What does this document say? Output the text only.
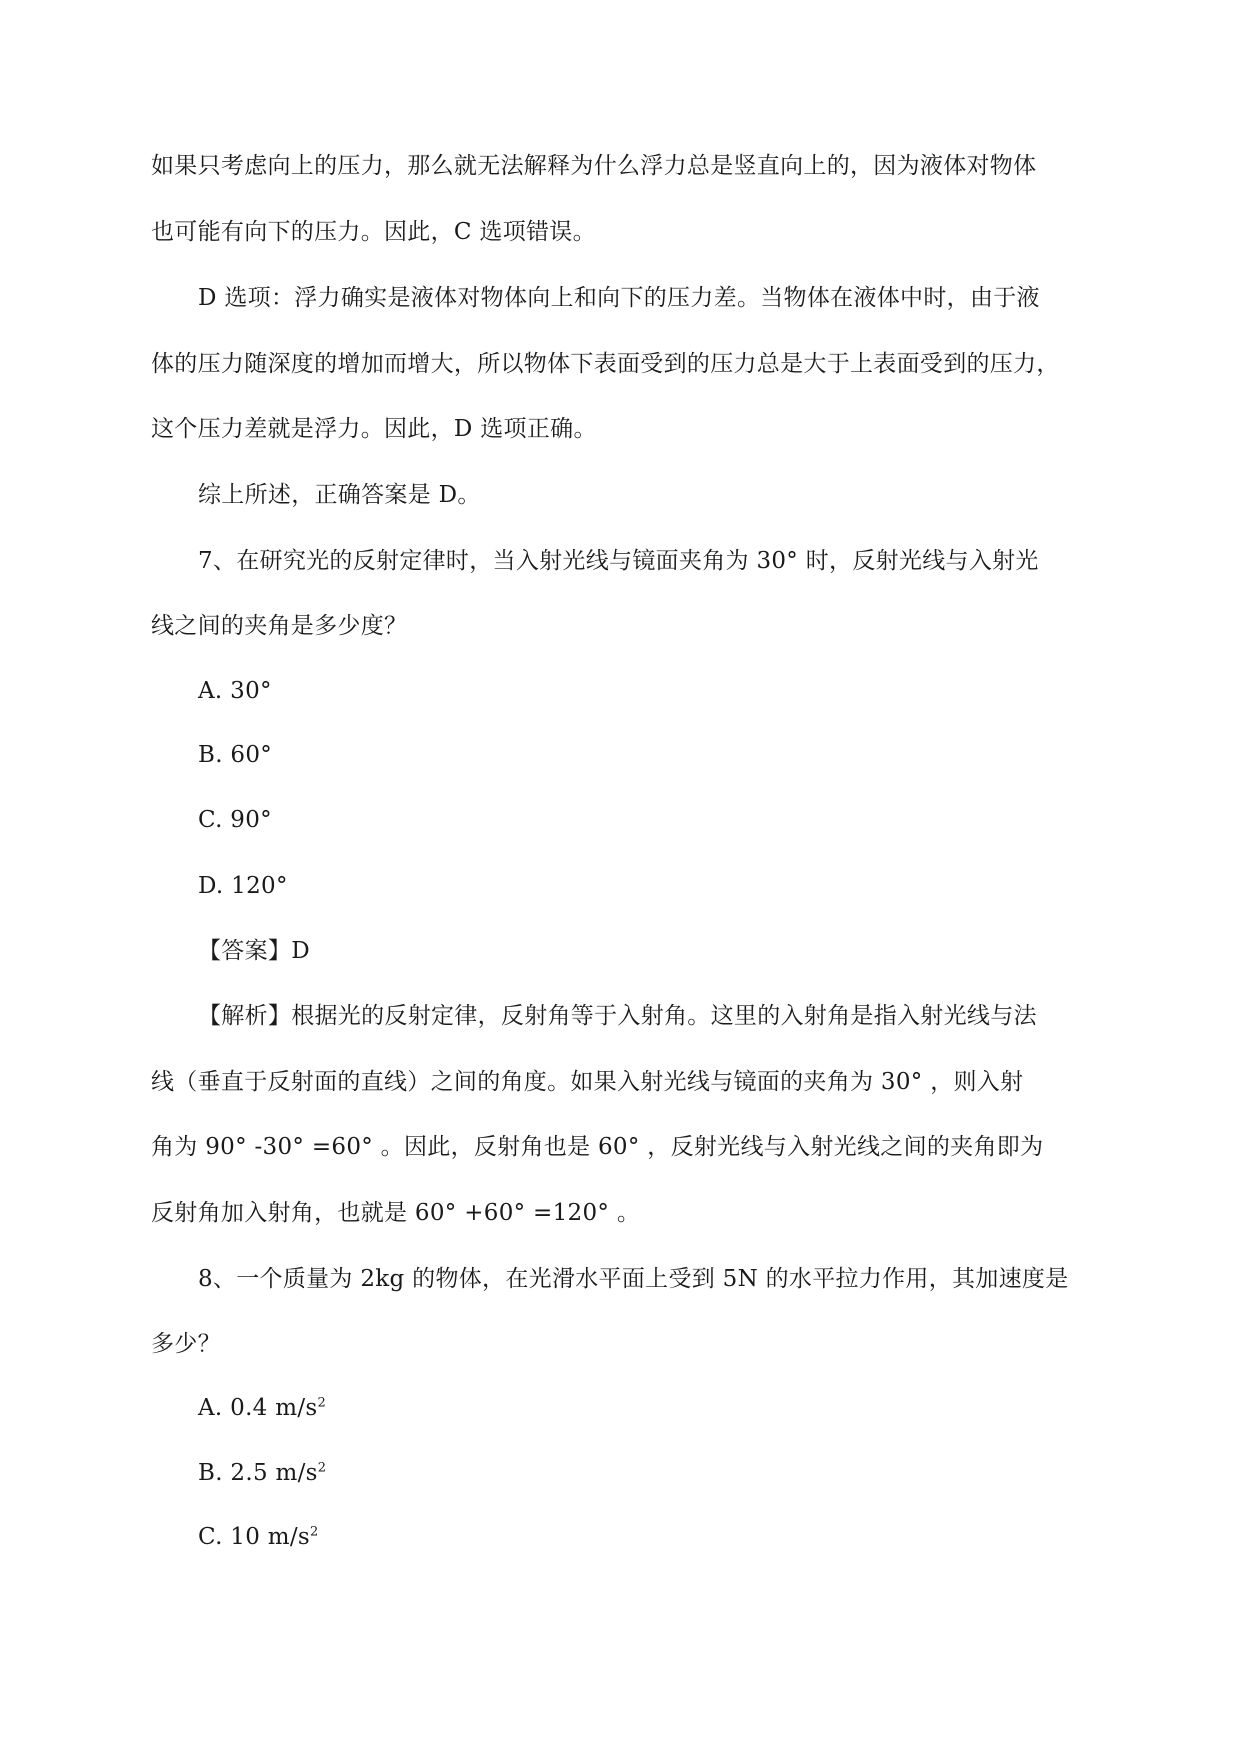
如果只考虑向上的压力，那么就无法解释为什么浮力总是竖直向上的，因为液体对物体
也可能有向下的压力。因此，C 选项错误。
D 选项：浮力确实是液体对物体向上和向下的压力差。当物体在液体中时，由于液
体的压力随深度的增加而增大，所以物体下表面受到的压力总是大于上表面受到的压力，
这个压力差就是浮力。因此，D 选项正确。
综上所述，正确答案是 D。
7、在研究光的反射定律时，当入射光线与镜面夹角为 30° 时，反射光线与入射光
线之间的夹角是多少度？
A. 30°
B. 60°
C. 90°
D. 120°
【答案】D
【解析】根据光的反射定律，反射角等于入射角。这里的入射角是指入射光线与法
线（垂直于反射面的直线）之间的角度。如果入射光线与镜面的夹角为 30° ，则入射
角为 90° -30° =60° 。因此，反射角也是 60° ，反射光线与入射光线之间的夹角即为
反射角加入射角，也就是 60° +60° =120° 。
8、一个质量为 2kg 的物体，在光滑水平面上受到 5N 的水平拉力作用，其加速度是
多少？
A. 0.4 $m/s^2$
B. 2.5 $m/s^2$
C. 10 $m/s^2$
